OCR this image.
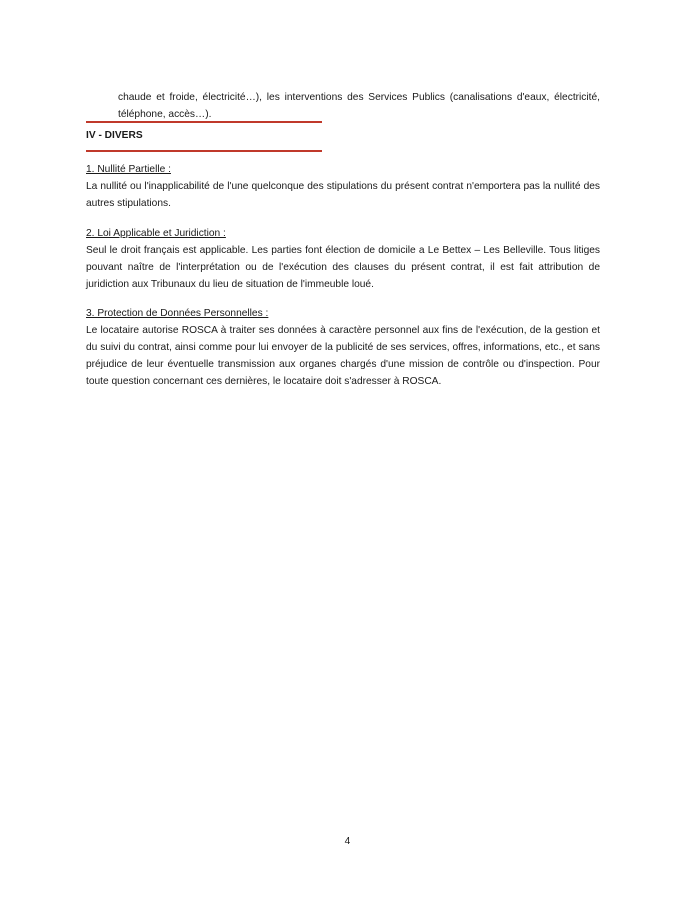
chaude et froide, électricité…), les interventions des Services Publics (canalisations d'eaux, électricité, téléphone, accès…).

IV - DIVERS
1. Nullité Partielle :

La nullité ou l'inapplicabilité de l'une quelconque des stipulations du présent contrat n'emportera pas la nullité des autres stipulations.

2. Loi Applicable et Juridiction :

Seul le droit français est applicable. Les parties font élection de domicile a Le Bettex – Les Belleville. Tous litiges pouvant naître de l'interprétation ou de l'exécution des clauses du présent contrat, il est fait attribution de juridiction aux Tribunaux du lieu de situation de l'immeuble loué.

3. Protection de Données Personnelles :

Le locataire autorise ROSCA à traiter ses données à caractère personnel aux fins de l'exécution, de la gestion et du suivi du contrat, ainsi comme pour lui envoyer de la publicité de ses services, offres, informations, etc., et sans préjudice de leur éventuelle transmission aux organes chargés d'une mission de contrôle ou d'inspection. Pour toute question concernant ces dernières, le locataire doit s'adresser à ROSCA.

4
